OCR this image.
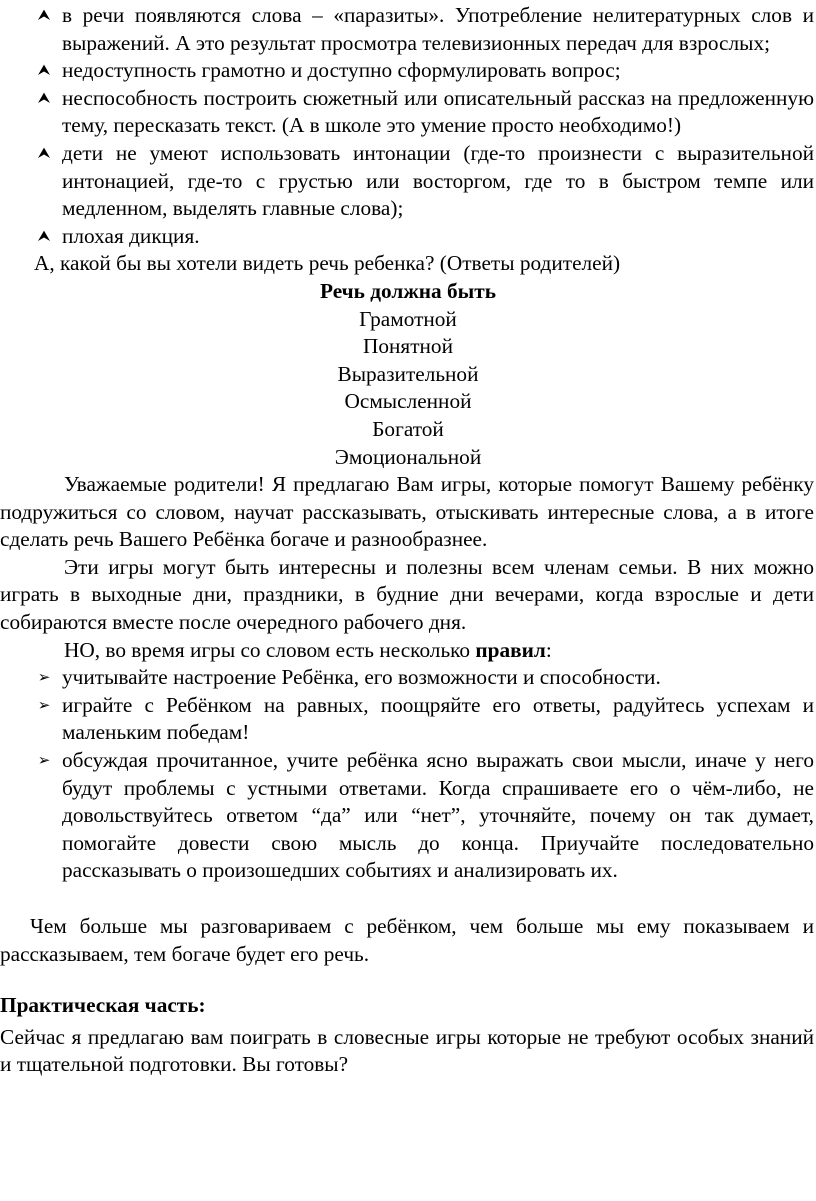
⮝ в речи появляются слова – «паразиты». Употребление нелитературных слов и выражений. А это результат просмотра телевизионных передач для взрослых;
⮝ недоступность грамотно и доступно сформулировать вопрос;
⮝ неспособность построить сюжетный или описательный рассказ на предложенную тему, пересказать текст. (А в школе это умение просто необходимо!)
⮝ дети не умеют использовать интонации (где-то произнести с выразительной интонацией, где-то с грустью или восторгом, где то в быстром темпе или медленном, выделять главные слова);
⮝ плохая дикция.
А, какой бы вы хотели видеть речь ребенка? (Ответы родителей)
Речь должна быть
Грамотной
Понятной
Выразительной
Осмысленной
Богатой
Эмоциональной
Уважаемые родители! Я предлагаю Вам игры, которые помогут Вашему ребёнку подружиться со словом, научат рассказывать, отыскивать интересные слова, а в итоге сделать речь Вашего Ребёнка богаче и разнообразнее.
Эти игры могут быть интересны и полезны всем членам семьи. В них можно играть в выходные дни, праздники, в будние дни вечерами, когда взрослые и дети собираются вместе после очередного рабочего дня.
НО, во время игры со словом есть несколько правил:
➢ учитывайте настроение Ребёнка, его возможности и способности.
➢ играйте с Ребёнком на равных, поощряйте его ответы, радуйтесь успехам и маленьким победам!
➢ обсуждая прочитанное, учите ребёнка ясно выражать свои мысли, иначе у него будут проблемы с устными ответами. Когда спрашиваете его о чём-либо, не довольствуйтесь ответом “да” или “нет”, уточняйте, почему он так думает, помогайте довести свою мысль до конца. Приучайте последовательно рассказывать о произошедших событиях и анализировать их.
Чем больше мы разговариваем с ребёнком, чем больше мы ему показываем и рассказываем, тем богаче будет его речь.
Практическая часть:
Сейчас я предлагаю вам поиграть в словесные игры которые не требуют особых знаний и тщательной подготовки. Вы готовы?
